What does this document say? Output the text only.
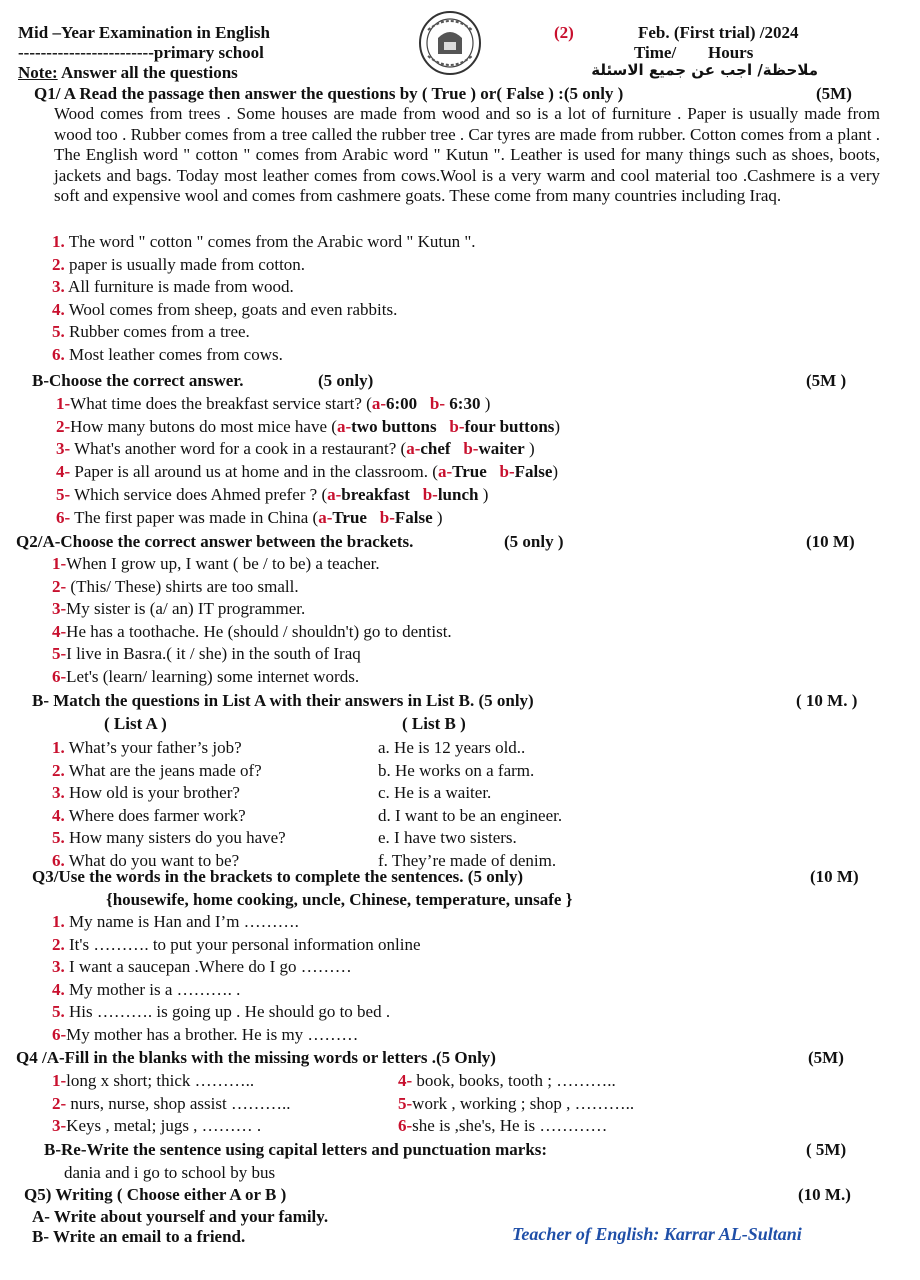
Mid –Year Examination in English
------------------------primary school
Note: Answer all the questions
(2)	Feb. (First trial) /2024
Time/ Hours
ملاحظة/ اجب عن جميع الاسئلة
Q1/ A Read the passage then answer the questions by ( True ) or( False ) :(5 only )	(5M)
Wood comes from trees . Some houses are made from wood and so is a lot of furniture . Paper is usually made from wood too . Rubber comes from a tree called the rubber tree . Car tyres are made from rubber. Cotton comes from a plant . The English word " cotton " comes from Arabic word " Kutun ". Leather is used for many things such as shoes, boots, jackets and bags. Today most leather comes from cows.Wool is a very warm and cool material too .Cashmere is a very soft and expensive wool and comes from cashmere goats. These come from many countries including Iraq.
1. The word " cotton " comes from the Arabic word " Kutun ".
2. paper is usually made from cotton.
3. All furniture is made from wood.
4. Wool comes from sheep, goats and even rabbits.
5. Rubber comes from a tree.
6. Most leather comes from cows.
B-Choose the correct answer.	(5 only)	(5M )
1-What time does the breakfast service start? (a-6:00 b- 6:30 )
2-How many butons do most mice have (a-two buttons b-four buttons)
3- What's another word for a cook in a restaurant? (a-chef b-waiter )
4- Paper is all around us at home and in the classroom. (a-True b-False)
5- Which service does Ahmed prefer ? (a-breakfast b-lunch )
6- The first paper was made in China (a-True b-False )
Q2/A-Choose the correct answer between the brackets.	(5 only )	(10 M)
1-When I grow up, I want ( be / to be) a teacher.
2- (This/ These) shirts are too small.
3-My sister is (a/ an) IT programmer.
4-He has a toothache. He (should / shouldn't) go to dentist.
5-I live in Basra.( it / she) in the south of Iraq
6-Let's (learn/ learning) some internet words.
B- Match the questions in List A with their answers in List B. (5 only)	( 10 M. )
( List A )	( List B )
1. What’s your father’s job?	a. He is 12 years old..
2. What are the jeans made of?	b. He works on a farm.
3. How old is your brother?	c. He is a waiter.
4. Where does farmer work?	d. I want to be an engineer.
5. How many sisters do you have?	e. I have two sisters.
6. What do you want to be?	f. They’re made of denim.
Q3/Use the words in the brackets to complete the sentences. (5 only)	(10 M)
{housewife, home cooking, uncle, Chinese, temperature, unsafe }
1. My name is Han and I’m ……….
2. It's ………. to put your personal information online
3. I want a saucepan .Where do I go ………
4. My mother is a ………. .
5. His ………. is going up . He should go to bed .
6-My mother has a brother. He is my ………
Q4 /A-Fill in the blanks with the missing words or letters .(5 Only)	(5M)
1-long x short; thick ………..	4- book, books, tooth ; ………..
2- nurs, nurse, shop assist ………..	5-work , working ; shop , ………..
3-Keys , metal; jugs , ……… .	6-she is ,she's, He is …………
B-Re-Write the sentence using capital letters and punctuation marks:	( 5M)
dania and i go to school by bus
Q5) Writing ( Choose either A or B )	(10 M.)
A- Write about yourself and your family.
B- Write an email to a friend.	Teacher of English: Karrar AL-Sultani
